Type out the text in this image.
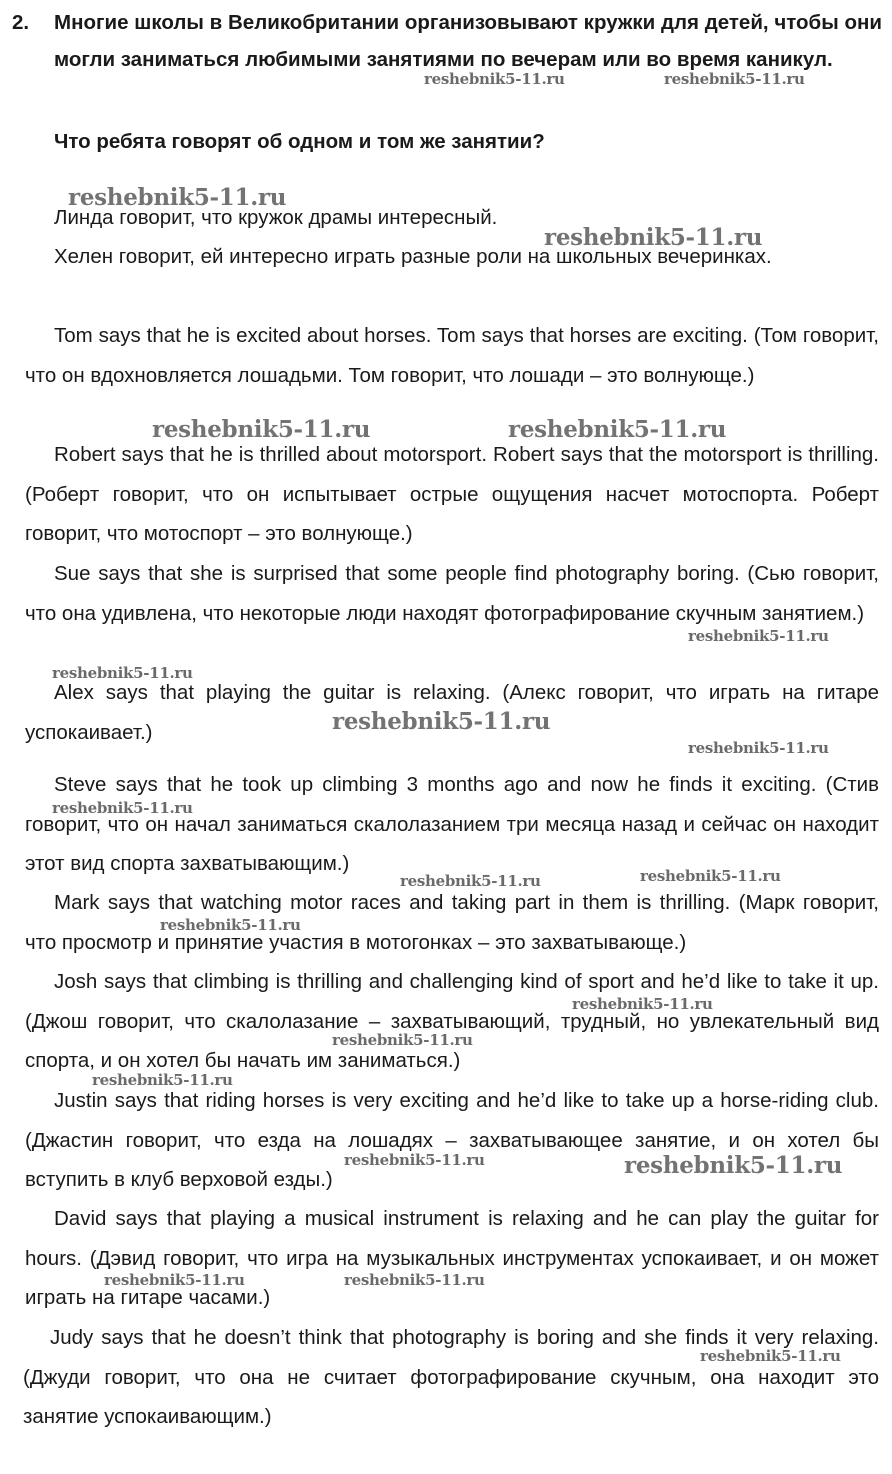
2. Многие школы в Великобритании организовывают кружки для детей, чтобы они могли заниматься любимыми занятиями по вечерам или во время каникул.
Что ребята говорят об одном и том же занятии?
Линда говорит, что кружок драмы интересный.
Хелен говорит, ей интересно играть разные роли на школьных вечеринках.
Tom says that he is excited about horses. Tom says that horses are exciting. (Том говорит, что он вдохновляется лошадьми. Том говорит, что лошади – это волнующе.)
Robert says that he is thrilled about motorsport. Robert says that the motorsport is thrilling. (Роберт говорит, что он испытывает острые ощущения насчет мотоспорта. Роберт говорит, что мотоспорт – это волнующе.)
Sue says that she is surprised that some people find photography boring. (Сью говорит, что она удивлена, что некоторые люди находят фотографирование скучным занятием.)
Alex says that playing the guitar is relaxing. (Алекс говорит, что играть на гитаре успокаивает.)
Steve says that he took up climbing 3 months ago and now he finds it exciting. (Стив говорит, что он начал заниматься скалолазанием три месяца назад и сейчас он находит этот вид спорта захватывающим.)
Mark says that watching motor races and taking part in them is thrilling. (Марк говорит, что просмотр и принятие участия в мотогонках – это захватывающе.)
Josh says that climbing is thrilling and challenging kind of sport and he’d like to take it up. (Джош говорит, что скалолазание – захватывающий, трудный, но увлекательный вид спорта, и он хотел бы начать им заниматься.)
Justin says that riding horses is very exciting and he’d like to take up a horse-riding club. (Джастин говорит, что езда на лошадях – захватывающее занятие, и он хотел бы вступить в клуб верховой езды.)
David says that playing a musical instrument is relaxing and he can play the guitar for hours. (Дэвид говорит, что игра на музыкальных инструментах успокаивает, и он может играть на гитаре часами.)
Judy says that he doesn’t think that photography is boring and she finds it very relaxing. (Джуди говорит, что она не считает фотографирование скучным, она находит это занятие успокаивающим.)
reshebnik5-11.ru	reshebnik5-11.ru
reshebnik5-11.ru
reshebnik5-11.ru
reshebnik5-11.ru	reshebnik5-11.ru
reshebnik5-11.ru
reshebnik5-11.ru
reshebnik5-11.ru
reshebnik5-11.ru
reshebnik5-11.ru
reshebnik5-11.ru	reshebnik5-11.ru
reshebnik5-11.ru
reshebnik5-11.ru
reshebnik5-11.ru
reshebnik5-11.ru
reshebnik5-11.ru	reshebnik5-11.ru
reshebnik5-11.ru	reshebnik5-11.ru
reshebnik5-11.ru
